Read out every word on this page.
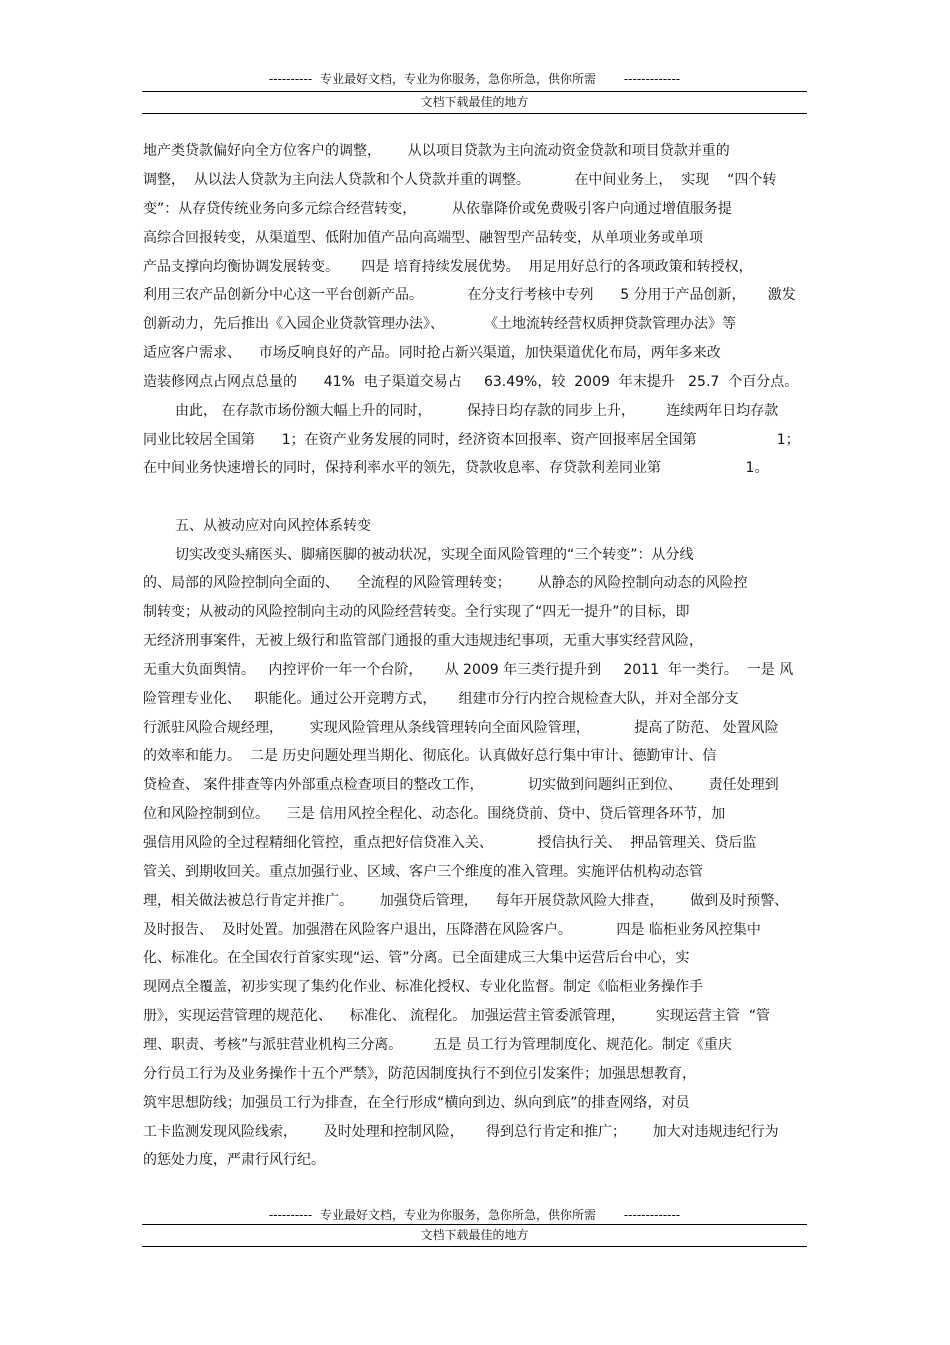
---------- 专业最好文档，专业为你服务，急你所急，供你所需 -------------
文档下载最佳的地方
地产类贷款偏好向全方位客户的调整，      从以项目贷款为主向流动资金贷款和项目贷款并重的
调整，  从以法人贷款为主向法人贷款和个人贷款并重的调整。          在中间业务上，  实现    “四个转
变”：从存贷传统业务向多元综合经营转变，        从依靠降价或免费吸引客户向通过增值服务提
高综合回报转变，从渠道型、低附加值产品向高端型、融智型产品转变，从单项业务或单项
产品支撑向均衡协调发展转变。     四是 培育持续发展优势。  用足用好总行的各项政策和转授权，
利用三农产品创新分中心这一平台创新产品。          在分支行考核中专列      5 分用于产品创新，     激发
创新动力，先后推出《入园企业贷款管理办法》、         《土地流转经营权质押贷款管理办法》等
适应客户需求、    市场反响良好的产品。同时抢占新兴渠道，加快渠道优化布局，两年多来改
造装修网点占网点总量的      41%  电子渠道交易占     63.49%，较  2009  年末提升   25.7  个百分点。
由此， 在存款市场份额大幅上升的同时，        保持日均存款的同步上升，       连续两年日均存款
同业比较居全国第      1；在资产业务发展的同时，经济资本回报率、资产回报率居全国第                  1；
在中间业务快速增长的同时，保持利率水平的领先，贷款收息率、存贷款利差同业第                   1。
五、从被动应对向风控体系转变
切实改变头痛医头、脚痛医脚的被动状况，实现全面风险管理的“三个转变”：从分线
的、局部的风险控制向全面的、    全流程的风险管理转变；      从静态的风险控制向动态的风险控
制转变；从被动的风险控制向主动的风险经营转变。全行实现了“四无一提升”的目标，即
无经济刑事案件，无被上级行和监管部门通报的重大违规违纪事项，无重大事实经营风险，
无重大负面舆情。   内控评价一年一个台阶，     从 2009 年三类行提升到     2011  年一类行。  一是 风
险管理专业化、   职能化。通过公开竞聘方式，     组建市分行内控合规检查大队，并对全部分支
行派驻风险合规经理，      实现风险管理从条线管理转向全面风险管理，          提高了防范、 处置风险
的效率和能力。  二是 历史问题处理当期化、彻底化。认真做好总行集中审计、德勤审计、信
贷检查、 案件排查等内外部重点检查项目的整改工作，          切实做到问题纠正到位、      责任处理到
位和风险控制到位。    三是 信用风控全程化、动态化。围绕贷前、贷中、贷后管理各环节，加
强信用风险的全过程精细化管控，重点把好信贷准入关、          授信执行关、  押品管理关、贷后监
管关、到期收回关。重点加强行业、区域、客户三个维度的准入管理。实施评估机构动态管
理，相关做法被总行肯定并推广。      加强贷后管理，    每年开展贷款风险大排查，      做到及时预警、
及时报告、  及时处置。加强潜在风险客户退出，压降潜在风险客户。          四是 临柜业务风控集中
化、标准化。在全国农行首家实现“运、管”分离。已全面建成三大集中运营后台中心，实
现网点全覆盖，初步实现了集约化作业、标准化授权、专业化监督。制定《临柜业务操作手
册》，实现运营管理的规范化、    标准化、 流程化。 加强运营主管委派管理，       实现运营主管  “管
理、职责、考核”与派驻营业机构三分离。       五是 员工行为管理制度化、规范化。制定《重庆
分行员工行为及业务操作十五个严禁》，防范因制度执行不到位引发案件；加强思想教育，
筑牢思想防线；加强员工行为排查，在全行形成“横向到边、纵向到底”的排查网络，对员
工卡监测发现风险线索，      及时处理和控制风险，     得到总行肯定和推广；      加大对违规违纪行为
的惩处力度，严肃行风行纪。
---------- 专业最好文档，专业为你服务，急你所急，供你所需 -------------
文档下载最佳的地方
